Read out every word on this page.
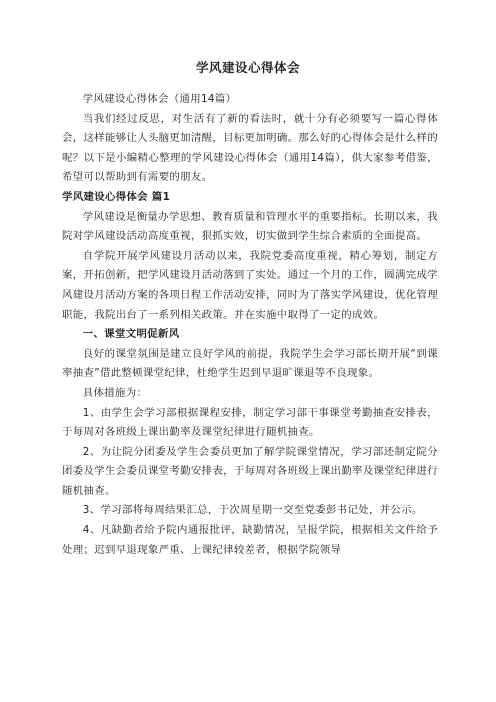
学风建设心得体会

学风建设心得体会（通用14篇）

当我们经过反思，对生活有了新的看法时，就十分有必须要写一篇心得体会，这样能够让人头脑更加清醒，目标更加明确。那么好的心得体会是什么样的呢？以下是小编精心整理的学风建设心得体会（通用14篇），供大家参考借鉴，希望可以帮助到有需要的朋友。

学风建设心得体会 篇1

学风建设是衡量办学思想、教育质量和管理水平的重要指标。长期以来，我院对学风建设活动高度重视，狠抓实效，切实做到学生综合素质的全面提高。

自学院开展学风建设月活动以来，我院党委高度重视，精心筹划，制定方案，开拓创新，把学风建设月活动落到了实处。通过一个月的工作，圆满完成学风建设月活动方案的各项日程工作活动安排，同时为了落实学风建设，优化管理职能，我院出台了一系列相关政策。并在实施中取得了一定的成效。

一、课堂文明促新风

良好的课堂氛围是建立良好学风的前提，我院学生会学习部长期开展“到课率抽查”借此整顿课堂纪律，杜绝学生迟到早退旷课退等不良现象。

具体措施为：

1、由学生会学习部根据课程安排，制定学习部干事课堂考勤抽查安排表，于每周对各班级上课出勤率及课堂纪律进行随机抽查。

2、为让院分团委及学生会委员更加了解学院课堂情况，学习部还制定院分团委及学生会委员课堂考勤安排表，于每周对各班级上课出勤率及课堂纪律进行随机抽查。

3、学习部将每周结果汇总，于次周星期一交至党委彭书记处，并公示。

4、凡缺勤者给予院内通报批评，缺勤情况，呈报学院，根据相关文件给予处理；迟到早退现象严重、上课纪律较差者，根据学院领导
